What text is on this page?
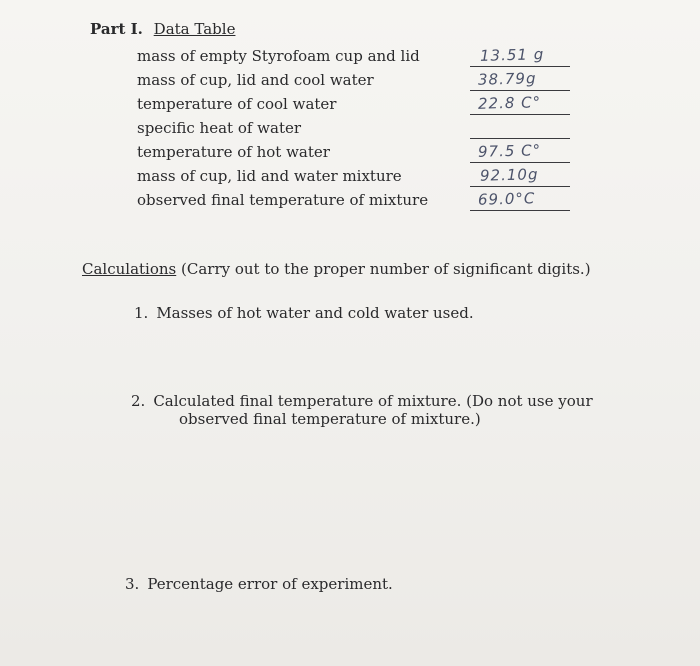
Part I. Data Table
mass of empty Styrofoam cup and lid
mass of cup, lid and cool water
temperature of cool water
specific heat of water
temperature of hot water
mass of cup, lid and water mixture
observed final temperature of mixture
13.51 g
38.79g
22.8 C°
97.5 C°
92.10g
69.0°C
Calculations (Carry out to the proper number of significant digits.)
1. Masses of hot water and cold water used.
2. Calculated final temperature of mixture. (Do not use your
observed final temperature of mixture.)
3. Percentage error of experiment.
